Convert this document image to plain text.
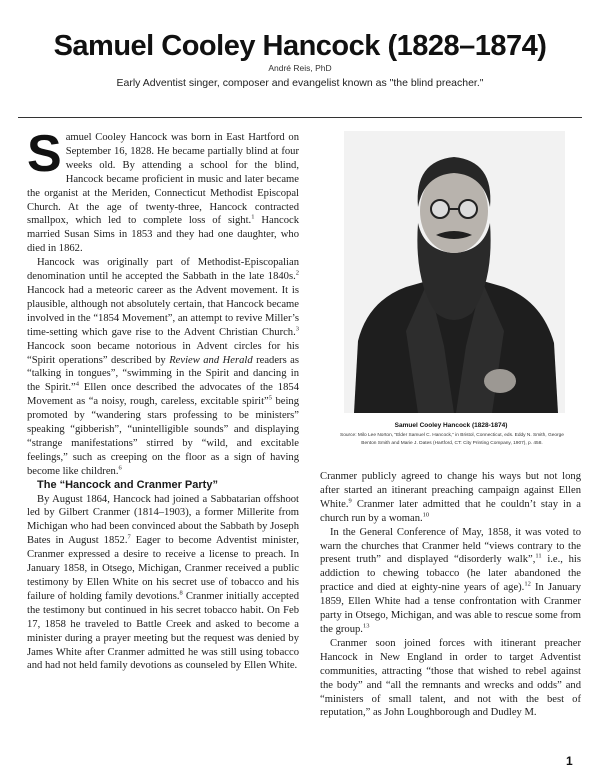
Samuel Cooley Hancock (1828–1874)
André Reis, PhD
Early Adventist singer, composer and evangelist known as "the blind preacher."

Samuel Cooley Hancock was born in East Hartford on September 16, 1828. He became partially blind at four weeks old. By attending a school for the blind, Hancock became proficient in music and later became the organist at the Meriden, Connecticut Methodist Episcopal Church. At the age of twenty-three, Hancock contracted smallpox, which led to complete loss of sight.$^1$ Hancock married Susan Sims in 1853 and they had one daughter, who died in 1862.

Hancock was originally part of Methodist-Episcopalian denomination until he accepted the Sabbath in the late 1840s.$^2$ Hancock had a meteoric career as the Advent movement. It is plausible, although not absolutely certain, that Hancock became involved in the “1854 Movement”, an attempt to revive Miller’s time-setting which gave rise to the Advent Christian Church.$^3$ Hancock soon became notorious in Advent circles for his “Spirit operations” described by Review and Herald readers as “talking in tongues”, “swimming in the Spirit and dancing in the Spirit.”$^4$ Ellen once described the advocates of the 1854 Movement as “a noisy, rough, careless, excitable spirit”$^5$ being promoted by “wandering stars professing to be ministers” speaking “gibberish”, “unintelligible sounds” and displaying “strange manifestations” stirred by “wild, and excitable feelings,” such as creeping on the floor as a sign of having become like children.$^6$

The “Hancock and Cranmer Party”

By August 1864, Hancock had joined a Sabbatarian offshoot led by Gilbert Cranmer (1814–1903), a former Millerite from Michigan who had been convinced about the Sabbath by Joseph Bates in August 1852.$^7$ Eager to become Adventist minister, Cranmer expressed a desire to receive a license to preach. In January 1858, in Otsego, Michigan, Cranmer received a public testimony by Ellen White on his secret use of tobacco and his failure of holding family devotions.$^8$ Cranmer initially accepted the testimony but continued in his secret tobacco habit. On Feb 17, 1858 he traveled to Battle Creek and asked to become a minister during a prayer meeting but the request was denied by James White after Cranmer admitted he was still using tobacco and had not held family devotions as counseled by Ellen White.

Samuel Cooley Hancock (1828-1874)
Source: Milo Lee Norton, “Elder Samuel C. Hancock,” in Bristol, Connecticut, eds. Eddy N. Smith, George Benton Smith and Marie J. Dates (Hartford, CT: City Printing Company, 1907), p. 458.

Cranmer publicly agreed to change his ways but not long after started an itinerant preaching campaign against Ellen White.$^9$ Cranmer later admitted that he couldn’t stay in a church run by a woman.$^{10}$

In the General Conference of May, 1858, it was voted to warn the churches that Cranmer held “views contrary to the present truth” and displayed “disorderly walk”,$^{11}$ i.e., his addiction to chewing tobacco (he later abandoned the practice and died at eighty-nine years of age).$^{12}$ In January 1859, Ellen White had a tense confrontation with Cranmer party in Otsego, Michigan, and was able to rescue some from the group.$^{13}$

Cranmer soon joined forces with itinerant preacher Hancock in New England in order to target Adventist communities, attracting “those that wished to rebel against the body” and “all the remnants and wrecks and odds” and “ministers of small talent, and not with the best of reputation,” as John Loughborough and Dudley M.

1
